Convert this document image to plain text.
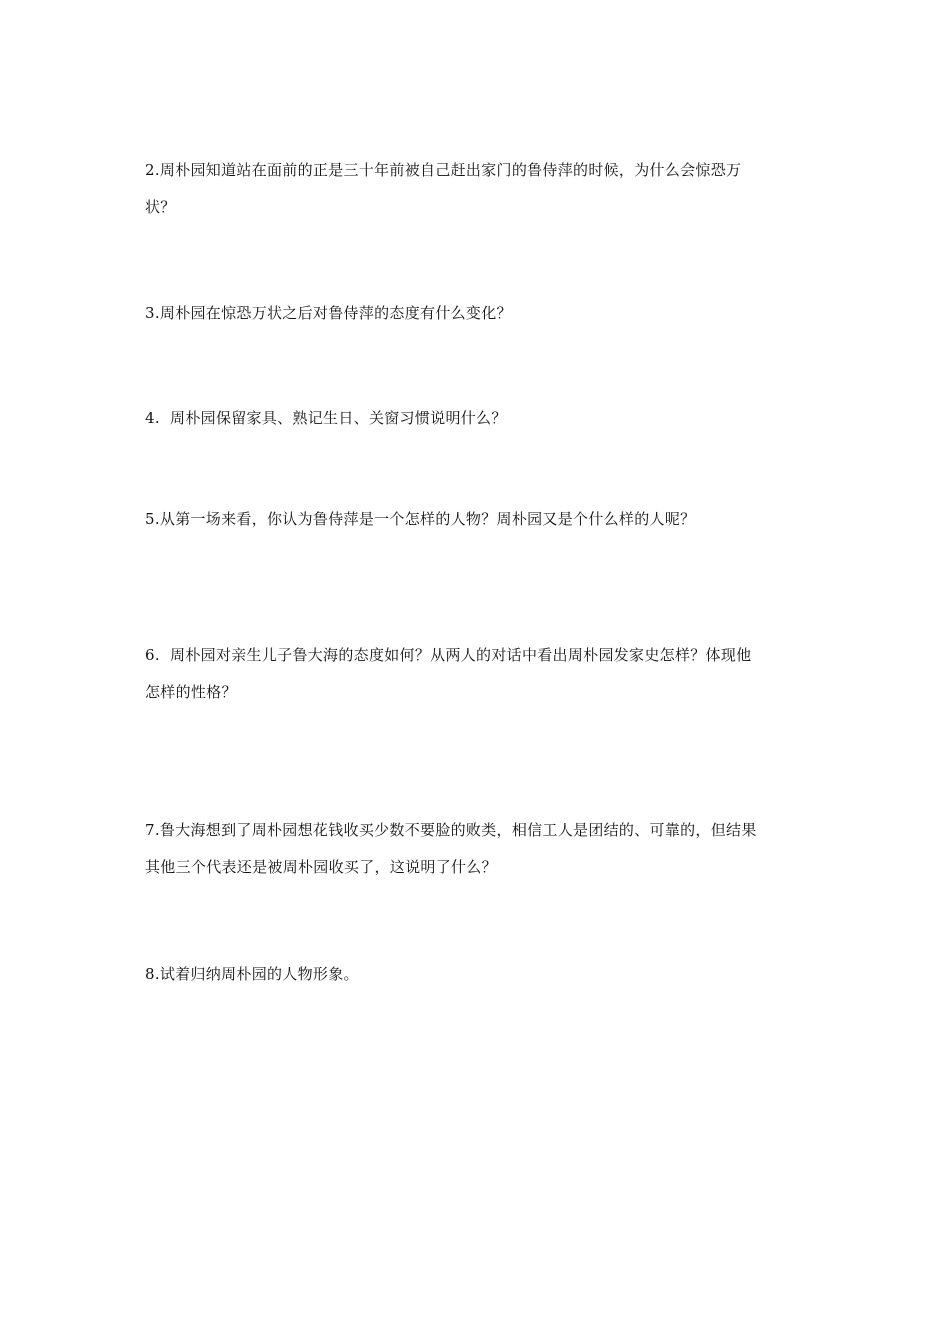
2.周朴园知道站在面前的正是三十年前被自己赶出家门的鲁侍萍的时候，为什么会惊恐万
状？

3.周朴园在惊恐万状之后对鲁侍萍的态度有什么变化？

4.  周朴园保留家具、熟记生日、关窗习惯说明什么？

5.从第一场来看，你认为鲁侍萍是一个怎样的人物？周朴园又是个什么样的人呢？

6.  周朴园对亲生儿子鲁大海的态度如何？从两人的对话中看出周朴园发家史怎样？体现他
怎样的性格？

7.鲁大海想到了周朴园想花钱收买少数不要脸的败类，相信工人是团结的、可靠的，但结果
其他三个代表还是被周朴园收买了，这说明了什么？

8.试着归纳周朴园的人物形象。
